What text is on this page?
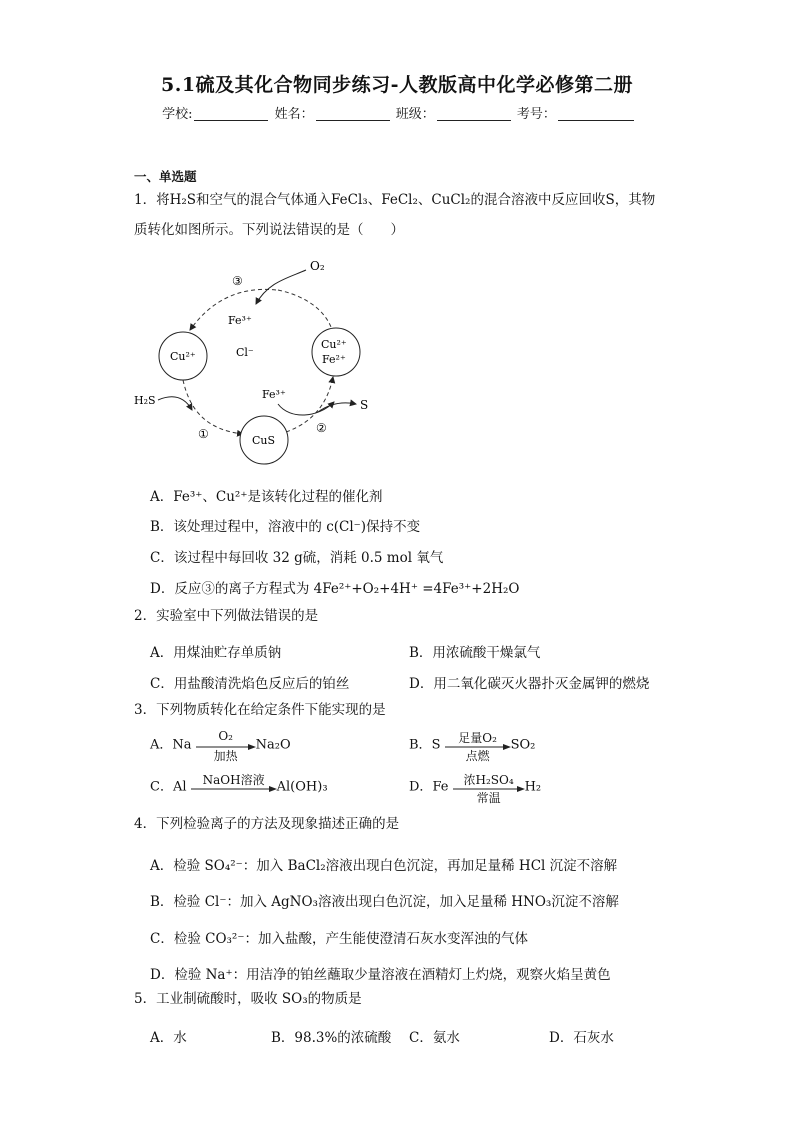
5.1硫及其化合物同步练习-人教版高中化学必修第二册
学校:	姓名：	班级：	考号：
一、单选题
1．将H₂S和空气的混合气体通入FeCl₃、FeCl₂、CuCl₂的混合溶液中反应回收S，其物
质转化如图所示。下列说法错误的是（　　）
O₂
③
Fe³⁺
Cu²⁺	Cl⁻
Cu²⁺
Fe²⁺
Fe³⁺
S
H₂S
①	CuS
②
A．Fe³⁺、Cu²⁺是该转化过程的催化剂
B．该处理过程中，溶液中的 c(Cl⁻)保持不变
C．该过程中每回收 32 g硫，消耗 0.5 mol 氧气
D．反应③的离子方程式为 4Fe²⁺+O₂+4H⁺ =4Fe³⁺+2H₂O
2．实验室中下列做法错误的是
A．用煤油贮存单质钠	B．用浓硫酸干燥氯气
C．用盐酸清洗焰色反应后的铂丝	D．用二氧化碳灭火器扑灭金属钾的燃烧
3．下列物质转化在给定条件下能实现的是
A．Na
O₂
加热
Na₂O	B．S	足量O₂
点燃
SO₂
C．Al	NaOH溶液 Al(OH)₃	D．Fe	浓H₂SO₄
常温
H₂
4．下列检验离子的方法及现象描述正确的是
A．检验 SO₄²⁻：加入 BaCl₂溶液出现白色沉淀，再加足量稀 HCl 沉淀不溶解
B．检验 Cl⁻：加入 AgNO₃溶液出现白色沉淀，加入足量稀 HNO₃沉淀不溶解
C．检验 CO₃²⁻：加入盐酸，产生能使澄清石灰水变浑浊的气体
D．检验 Na⁺：用洁净的铂丝蘸取少量溶液在酒精灯上灼烧，观察火焰呈黄色
5．工业制硫酸时，吸收 SO₃的物质是
A．水	B．98.3%的浓硫酸 C．氨水	D．石灰水
